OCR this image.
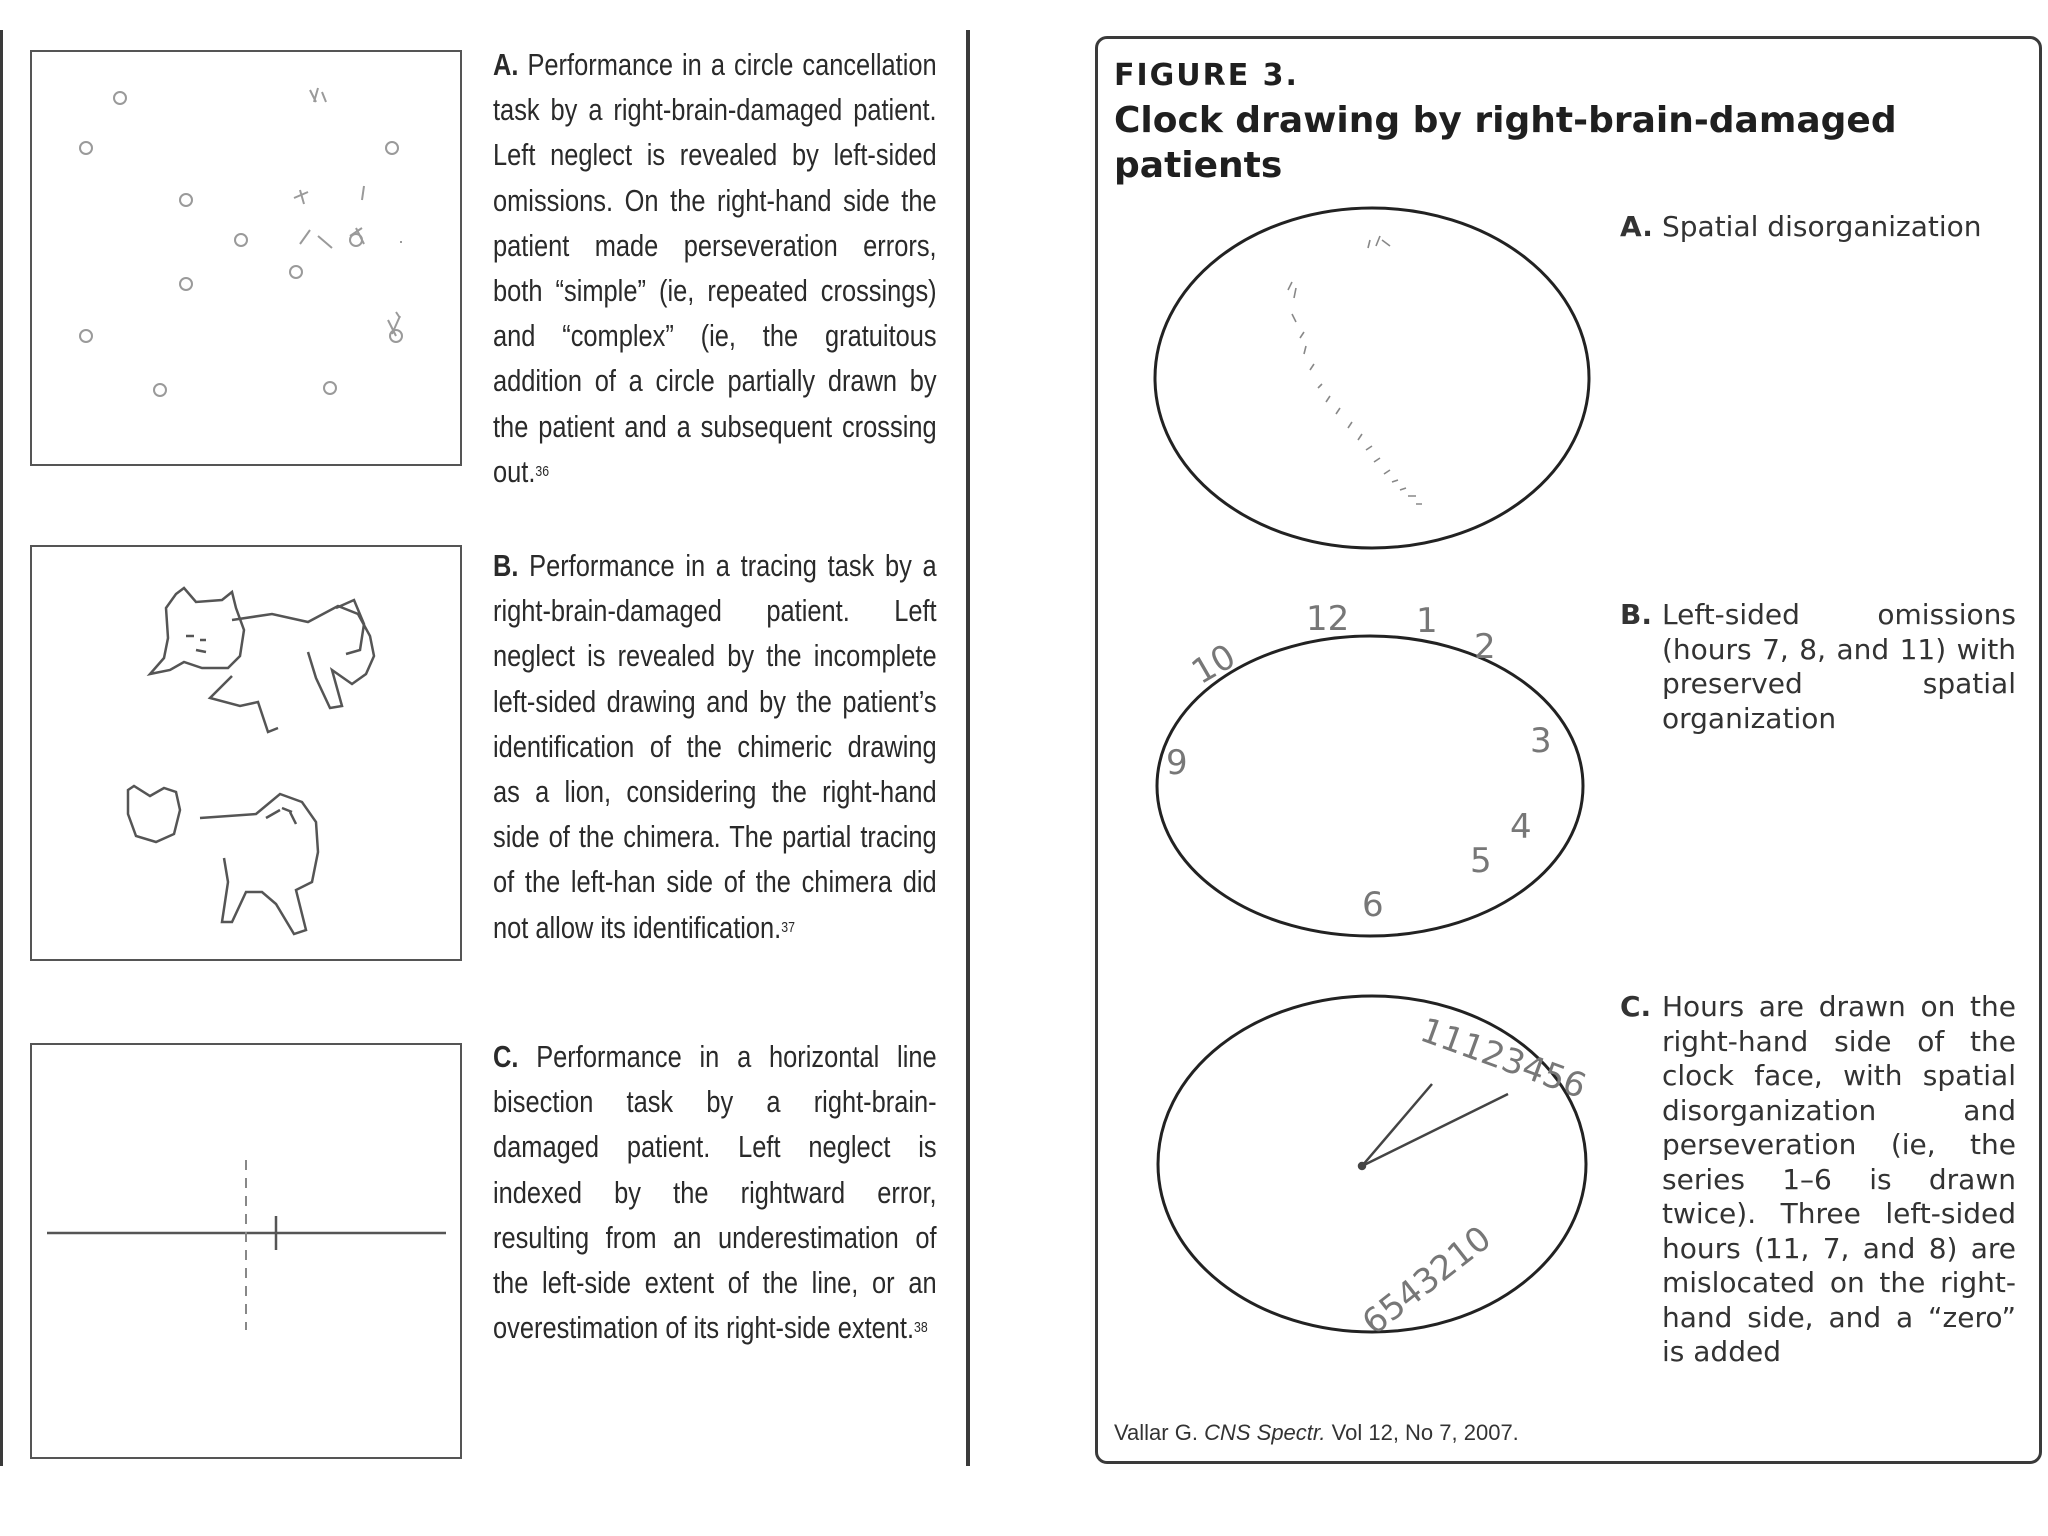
12 1
2
3
4
5
6
9
10
11123456
6543210
A. Performance in a circle cancellation task by a right-brain-damaged patient. Left neglect is revealed by left-sided omissions. On the right-hand side the patient made perseveration errors, both “simple” (ie, repeated crossings) and “complex” (ie, the gratuitous addition of a circle partially drawn by the patient and a subsequent crossing out.$^{36}$
B. Performance in a tracing task by a right-brain-damaged patient. Left neglect is revealed by the incomplete left-sided drawing and by the patient’s identification of the chimeric drawing as a lion, considering the right-hand side of the chimera. The partial tracing of the left-han side of the chimera did not allow its identification.$^{37}$
C. Performance in a horizontal line bisection task by a right-brain-damaged patient. Left neglect is indexed by the rightward error, resulting from an underestimation of the left-side extent of the line, or an overestimation of its right-side extent.$^{38}$
FIGURE 3.
Clock drawing by right-brain-damaged patients
A. Spatial disorganization
B. Left-sided omissions (hours 7, 8, and 11) with preserved spatial organization
C. Hours are drawn on the right-hand side of the clock face, with spatial disorganization and perseveration (ie, the series 1–6 is drawn twice). Three left-sided hours (11, 7, and 8) are mislocated on the right-hand side, and a “zero” is added
Vallar G. CNS Spectr. Vol 12, No 7, 2007.
